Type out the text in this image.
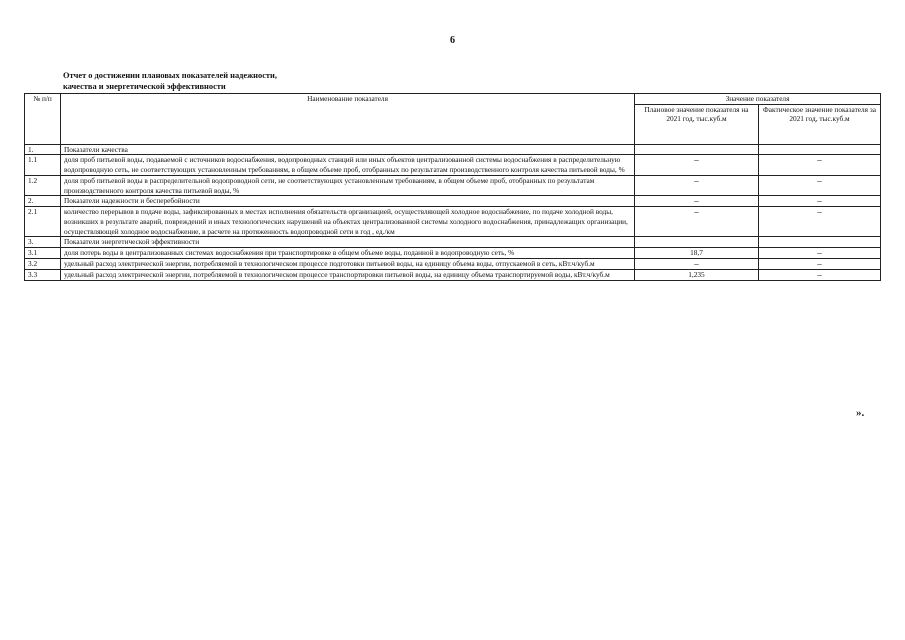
6
Отчет о достижении плановых показателей надежности,
качества и энергетической эффективности
№ п/п	Наименование показателя	Значение показателя	
		Плановое значение показателя на 2021 год, тыс.куб.м	Фактическое значение показателя за 2021 год, тыс.куб.м
1.	Показатели качества		
1.1	доля проб питьевой воды, подаваемой с источников водоснабжения, водопроводных станций или иных объектов централизованной системы водоснабжения в распределительную водопроводную сеть, не соответствующих установленным требованиям, в общем объеме проб, отобранных по результатам производственного контроля качества питьевой воды, %	–	–
1.2	доля проб питьевой воды в распределительной водопроводной сети, не соответствующих установленным требованиям, в общем объеме проб, отобранных по результатам производственного контроля качества питьевой воды, %	–	–
2.	Показатели надежности и бесперебойности	–	–
2.1	количество перерывов в подаче воды, зафиксированных в местах исполнения обязательств организацией, осуществляющей холодное водоснабжение, по подаче холодной воды, возникших в результате аварий, повреждений и иных технологических нарушений на объектах централизованной системы холодного водоснабжения, принадлежащих организации, осуществляющей холодное водоснабжение, в расчете на протяженность водопроводной сети в год , ед./км	–	–
3.	Показатели энергетической эффективности		
3.1	доля потерь воды в централизованных системах водоснабжения при транспортировке в общем объеме воды, поданной в водопроводную сеть, %	18,7	–
3.2	удельный расход электрической энергии, потребляемой в технологическом процессе подготовки питьевой воды, на единицу объема воды, отпускаемой в сеть, кВт.ч/куб.м	–	–
3.3	удельный расход электрической энергии, потребляемой в технологическом процессе транспортировки питьевой воды, на единицу объема транспортируемой воды, кВт.ч/куб.м	1,235	–
».
